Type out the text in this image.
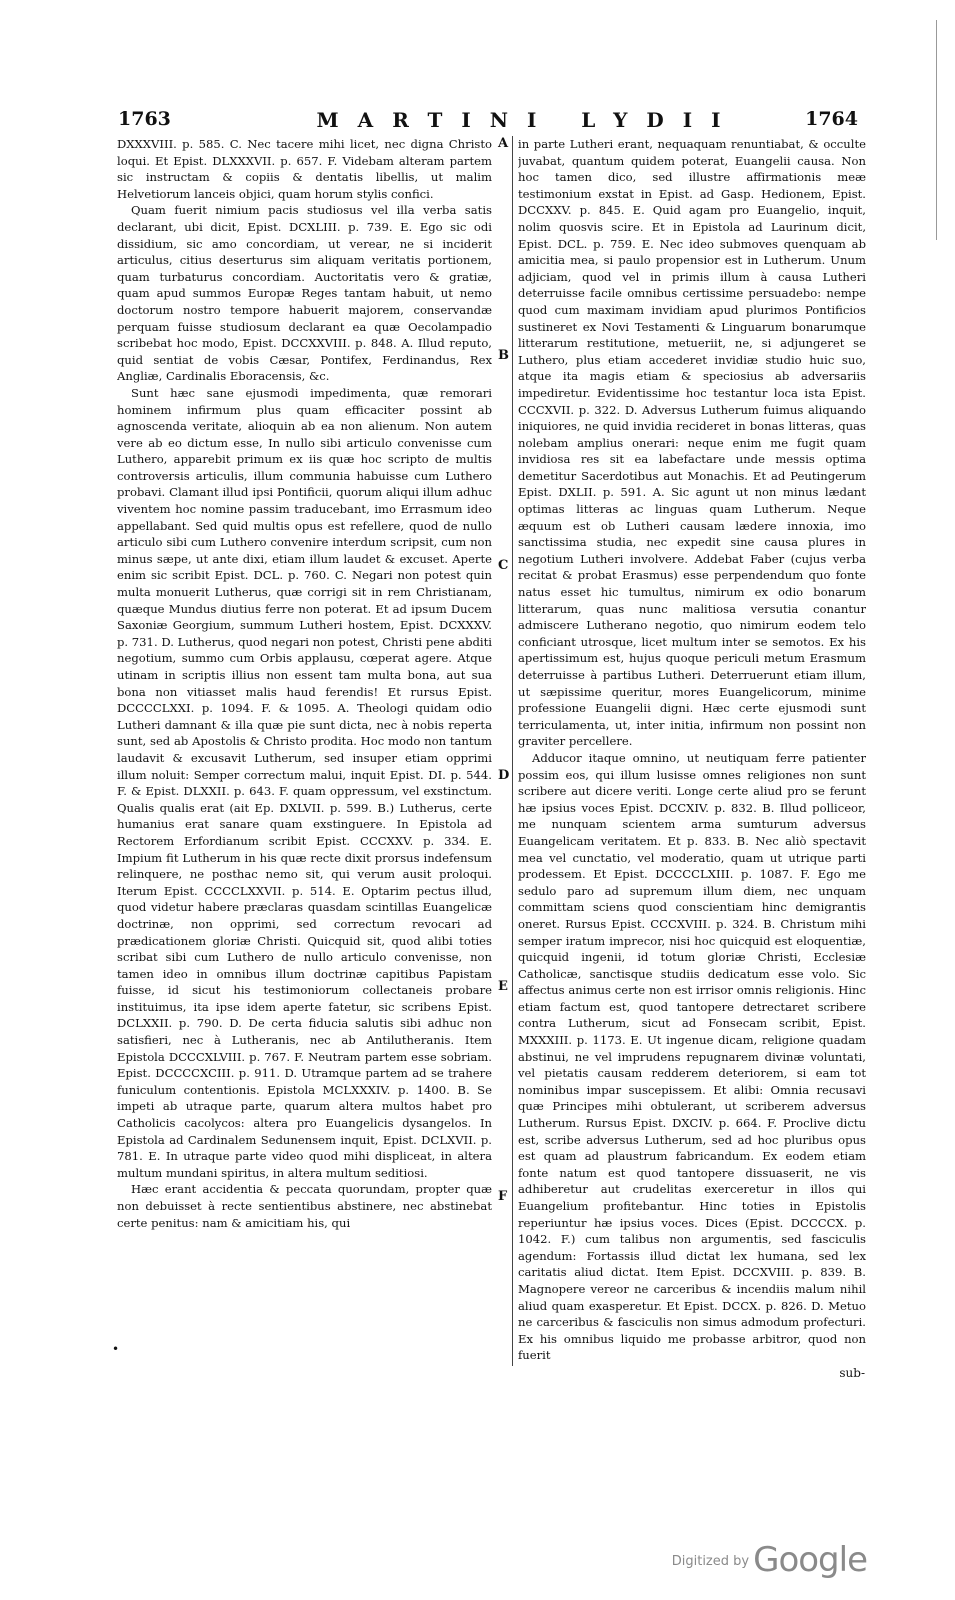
1763	MARTINI LYDII	1764

DXXXVIII. p. 585. C. Nec tacere mihi licet, nec digna Christo loqui. Et Epist. DLXXXVII. p. 657. F. Videbam alteram partem sic instructam & copiis & dentatis libellis, ut malim Helvetiorum lanceis objici, quam horum stylis confici.

Quam fuerit nimium pacis studiosus vel illa verba satis declarant, ubi dicit, Epist. DCXLIII. p. 739. E. Ego sic odi dissidium, sic amo concordiam, ut verear, ne si inciderit articulus, citius deserturus sim aliquam veritatis portionem, quam turbaturus concordiam. Auctoritatis vero & gratiæ, quam apud summos Europæ Reges tantam habuit, ut nemo doctorum nostro tempore habuerit majorem, conservandæ perquam fuisse studiosum declarant ea quæ Oecolampadio scribebat hoc modo, Epist. DCCXXVIII. p. 848. A. Illud reputo, quid sentiat de vobis Cæsar, Pontifex, Ferdinandus, Rex Angliæ, Cardinalis Eboracensis, &c.

Sunt hæc sane ejusmodi impedimenta, quæ remorari hominem infirmum plus quam efficaciter possint ab agnoscenda veritate, alioquin ab ea non alienum. Non autem vere ab eo dictum esse, In nullo sibi articulo convenisse cum Luthero, apparebit primum ex iis quæ hoc scripto de multis controversis articulis, illum communia habuisse cum Luthero probavi. Clamant illud ipsi Pontificii, quorum aliqui illum adhuc viventem hoc nomine passim traducebant, imo Errasmum ideo appellabant. Sed quid multis opus est refellere, quod de nullo articulo sibi cum Luthero convenire interdum scripsit, cum non minus sæpe, ut ante dixi, etiam illum laudet & excuset. Aperte enim sic scribit Epist. DCL. p. 760. C. Negari non potest quin multa monuerit Lutherus, quæ corrigi sit in rem Christianam, quæque Mundus diutius ferre non poterat. Et ad ipsum Ducem Saxoniæ Georgium, summum Lutheri hostem, Epist. DCXXXV. p. 731. D. Lutherus, quod negari non potest, Christi pene abditi negotium, summo cum Orbis applausu, cœperat agere. Atque utinam in scriptis illius non essent tam multa bona, aut sua bona non vitiasset malis haud ferendis! Et rursus Epist. DCCCCLXXI. p. 1094. F. & 1095. A. Theologi quidam odio Lutheri damnant & illa quæ pie sunt dicta, nec à nobis reperta sunt, sed ab Apostolis & Christo prodita. Hoc modo non tantum laudavit & excusavit Lutherum, sed insuper etiam opprimi illum noluit: Semper correctum malui, inquit Epist. DI. p. 544. F. & Epist. DLXXII. p. 643. F. quam oppressum, vel exstinctum. Qualis qualis erat (ait Ep. DXLVII. p. 599. B.) Lutherus, certe humanius erat sanare quam exstinguere. In Epistola ad Rectorem Erfordianum scribit Epist. CCCXXV. p. 334. E. Impium fit Lutherum in his quæ recte dixit prorsus indefensum relinquere, ne posthac nemo sit, qui verum ausit proloqui. Iterum Epist. CCCCLXXVII. p. 514. E. Optarim pectus illud, quod videtur habere præclaras quasdam scintillas Euangelicæ doctrinæ, non opprimi, sed correctum revocari ad prædicationem gloriæ Christi. Quicquid sit, quod alibi toties scribat sibi cum Luthero de nullo articulo convenisse, non tamen ideo in omnibus illum doctrinæ capitibus Papistam fuisse, id sicut his testimoniorum collectaneis probare instituimus, ita ipse idem aperte fatetur, sic scribens Epist. DCLXXII. p. 790. D. De certa fiducia salutis sibi adhuc non satisfieri, nec à Lutheranis, nec ab Antilutheranis. Item Epistola DCCCXLVIII. p. 767. F. Neutram partem esse sobriam. Epist. DCCCCXCIII. p. 911. D. Utramque partem ad se trahere funiculum contentionis. Epistola MCLXXXIV. p. 1400. B. Se impeti ab utraque parte, quarum altera multos habet pro Catholicis cacolycos: altera pro Euangelicis dysangelos. In Epistola ad Cardinalem Sedunensem inquit, Epist. DCLXVII. p. 781. E. In utraque parte video quod mihi displiceat, in altera multum mundani spiritus, in altera multum seditiosi.

Hæc erant accidentia & peccata quorundam, propter quæ non debuisset à recte sentientibus abstinere, nec abstinebat certe penitus: nam & amicitiam his, qui

A
B
C
D
E
F

in parte Lutheri erant, nequaquam renuntiabat, & occulte juvabat, quantum quidem poterat, Euangelii causa. Non hoc tamen dico, sed illustre affirmationis meæ testimonium exstat in Epist. ad Gasp. Hedionem, Epist. DCCXXV. p. 845. E. Quid agam pro Euangelio, inquit, nolim quosvis scire. Et in Epistola ad Laurinum dicit, Epist. DCL. p. 759. E. Nec ideo submoves quenquam ab amicitia mea, si paulo propensior est in Lutherum. Unum adjiciam, quod vel in primis illum à causa Lutheri deterruisse facile omnibus certissime persuadebo: nempe quod cum maximam invidiam apud plurimos Pontificios sustineret ex Novi Testamenti & Linguarum bonarumque litterarum restitutione, metueriit, ne, si adjungeret se Luthero, plus etiam accederet invidiæ studio huic suo, atque ita magis etiam & speciosius ab adversariis impediretur. Evidentissime hoc testantur loca ista Epist. CCCXVII. p. 322. D. Adversus Lutherum fuimus aliquando iniquiores, ne quid invidia recideret in bonas litteras, quas nolebam amplius onerari: neque enim me fugit quam invidiosa res sit ea labefactare unde messis optima demetitur Sacerdotibus aut Monachis. Et ad Peutingerum Epist. DXLII. p. 591. A. Sic agunt ut non minus lædant optimas litteras ac linguas quam Lutherum. Neque æquum est ob Lutheri causam lædere innoxia, imo sanctissima studia, nec expedit sine causa plures in negotium Lutheri involvere. Addebat Faber (cujus verba recitat & probat Erasmus) esse perpendendum quo fonte natus esset hic tumultus, nimirum ex odio bonarum litterarum, quas nunc malitiosa versutia conantur admiscere Lutherano negotio, quo nimirum eodem telo conficiant utrosque, licet multum inter se semotos. Ex his apertissimum est, hujus quoque periculi metum Erasmum deterruisse à partibus Lutheri. Deterruerunt etiam illum, ut sæpissime queritur, mores Euangelicorum, minime professione Euangelii digni. Hæc certe ejusmodi sunt terriculamenta, ut, inter initia, infirmum non possint non graviter percellere.

Adducor itaque omnino, ut neutiquam ferre patienter possim eos, qui illum lusisse omnes religiones non sunt scribere aut dicere veriti. Longe certe aliud pro se ferunt hæ ipsius voces Epist. DCCXIV. p. 832. B. Illud polliceor, me nunquam scientem arma sumturum adversus Euangelicam veritatem. Et p. 833. B. Nec aliò spectavit mea vel cunctatio, vel moderatio, quam ut utrique parti prodessem. Et Epist. DCCCCLXIII. p. 1087. F. Ego me sedulo paro ad supremum illum diem, nec unquam committam sciens quod conscientiam hinc demigrantis oneret. Rursus Epist. CCCXVIII. p. 324. B. Christum mihi semper iratum imprecor, nisi hoc quicquid est eloquentiæ, quicquid ingenii, id totum gloriæ Christi, Ecclesiæ Catholicæ, sanctisque studiis dedicatum esse volo. Sic affectus animus certe non est irrisor omnis religionis. Hinc etiam factum est, quod tantopere detrectaret scribere contra Lutherum, sicut ad Fonsecam scribit, Epist. MXXXIII. p. 1173. E. Ut ingenue dicam, religione quadam abstinui, ne vel imprudens repugnarem divinæ voluntati, vel pietatis causam redderem deteriorem, si eam tot nominibus impar suscepissem. Et alibi: Omnia recusavi quæ Principes mihi obtulerant, ut scriberem adversus Lutherum. Rursus Epist. DXCIV. p. 664. F. Proclive dictu est, scribe adversus Lutherum, sed ad hoc pluribus opus est quam ad plaustrum fabricandum. Ex eodem etiam fonte natum est quod tantopere dissuaserit, ne vis adhiberetur aut crudelitas exerceretur in illos qui Euangelium profitebantur. Hinc toties in Epistolis reperiuntur hæ ipsius voces. Dices (Epist. DCCCCX. p. 1042. F.) cum talibus non argumentis, sed fasciculis agendum: Fortassis illud dictat lex humana, sed lex caritatis aliud dictat. Item Epist. DCCXVIII. p. 839. B. Magnopere vereor ne carceribus & incendiis malum nihil aliud quam exasperetur. Et Epist. DCCX. p. 826. D. Metuo ne carceribus & fasciculis non simus admodum profecturi. Ex his omnibus liquido me probasse arbitror, quod non fuerit

•
sub-
$^{Digitized by}$ Google
